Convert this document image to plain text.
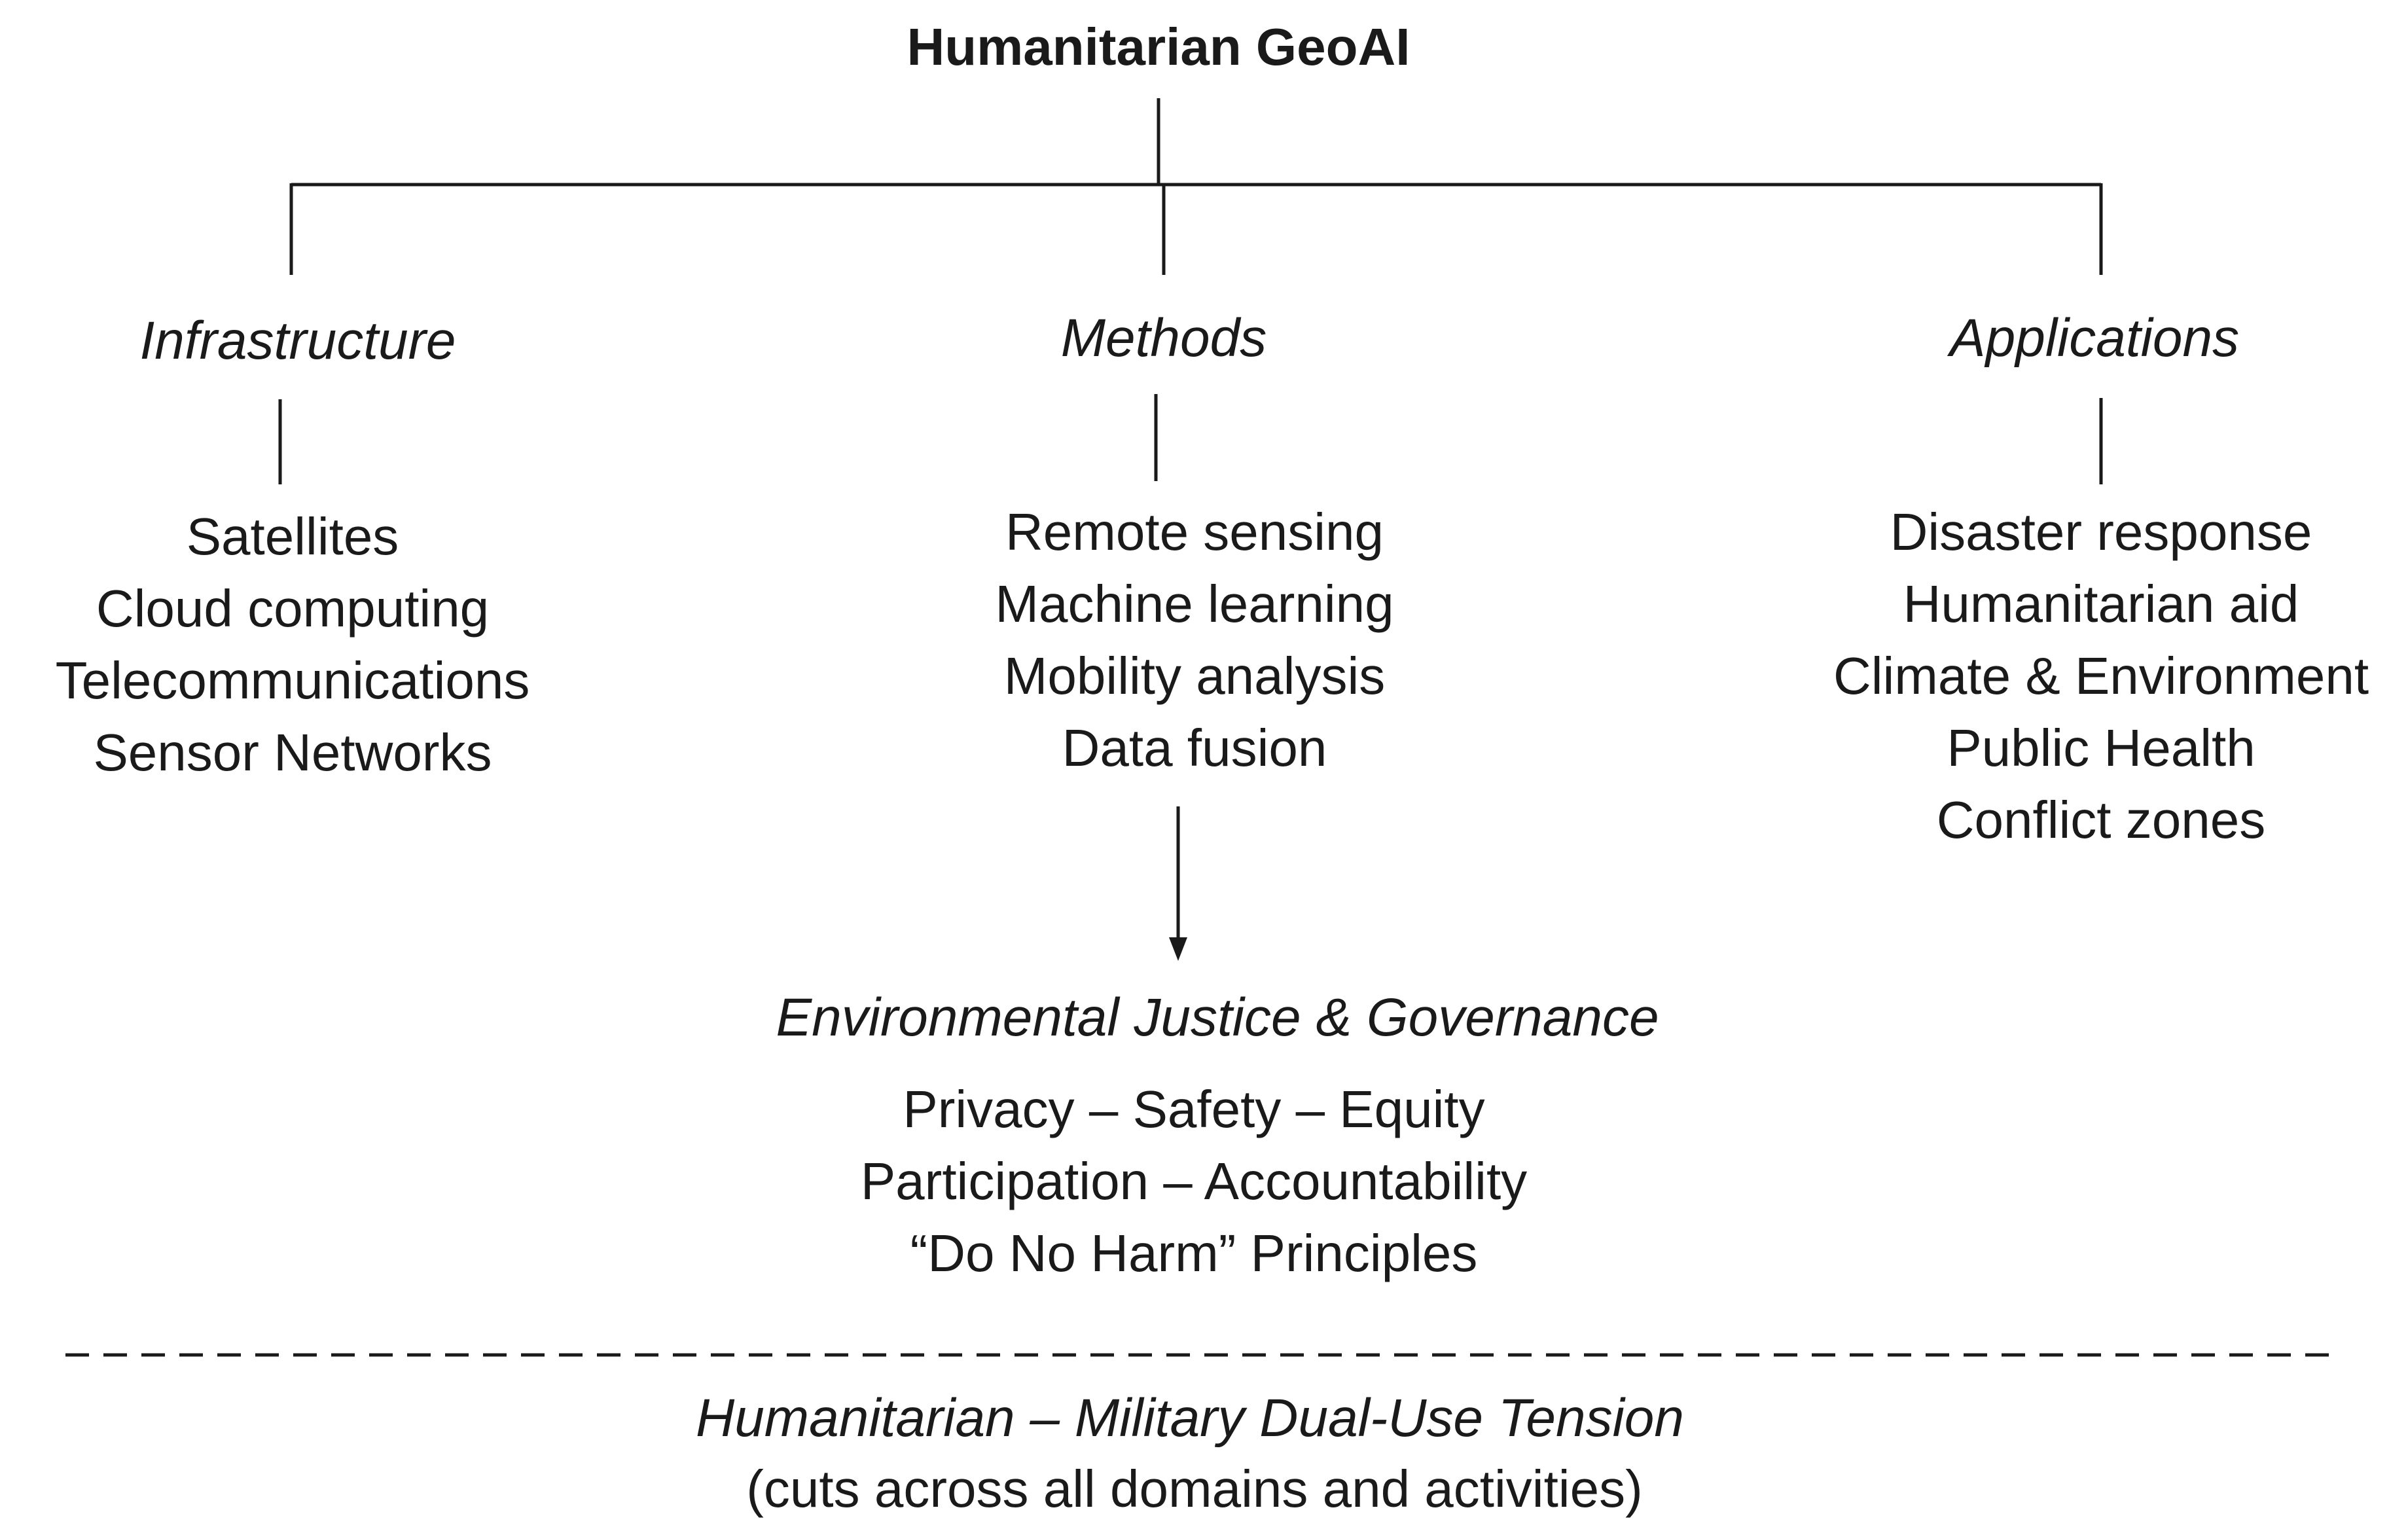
Humanitarian GeoAI
Infrastructure	Methods	Applications
Satellites
Cloud computing
Telecommunications
Sensor Networks
Remote sensing
Machine learning
Mobility analysis
Data fusion
Disaster response
Humanitarian aid
Climate & Environment
Public Health
Conflict zones
Environmental Justice & Governance
Privacy – Safety – Equity
Participation – Accountability
“Do No Harm” Principles
Humanitarian – Military Dual-Use Tension
(cuts across all domains and activities)
